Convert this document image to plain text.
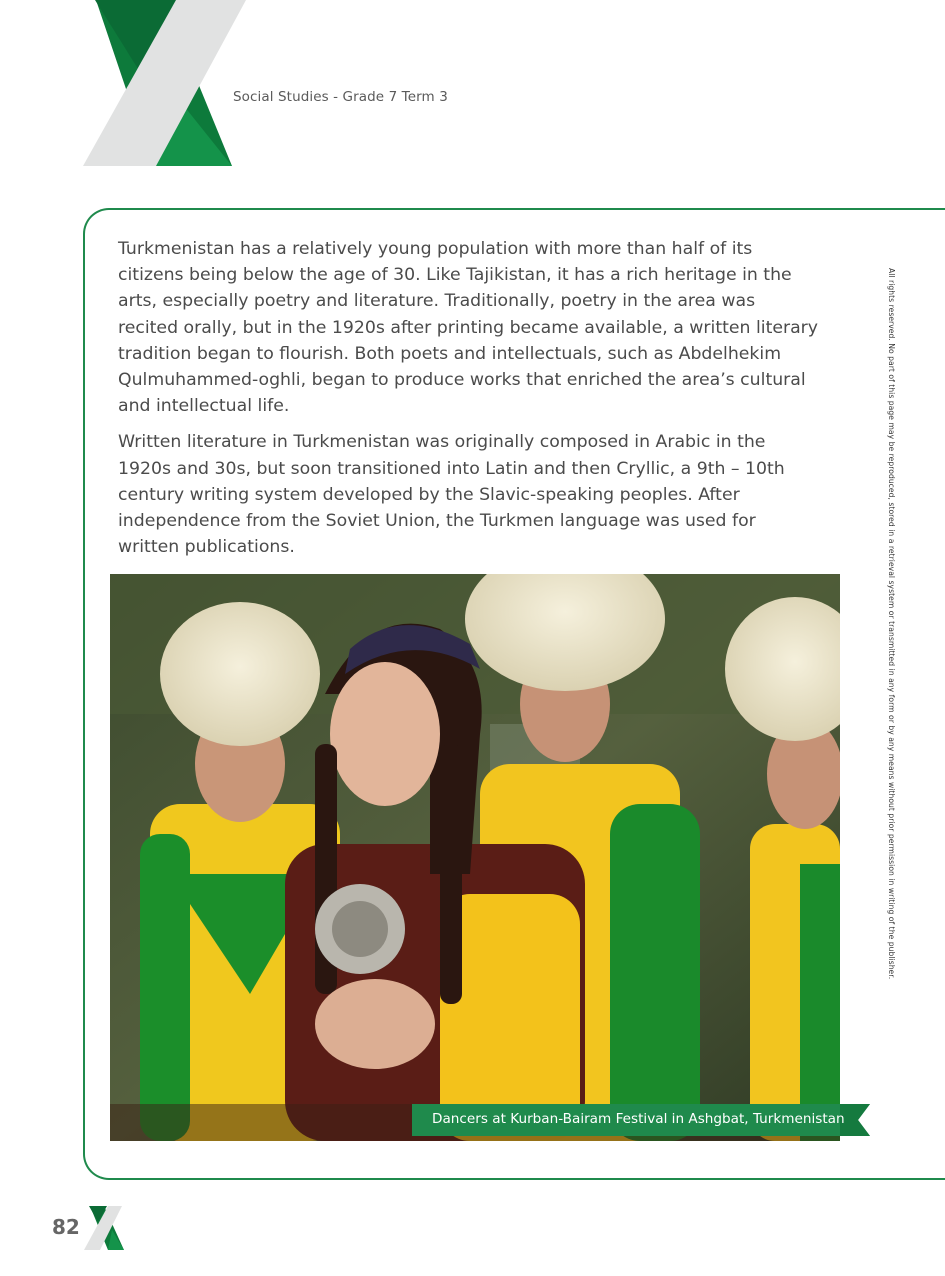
Social Studies - Grade 7 Term 3

Turkmenistan has a relatively young population with more than half of its citizens being below the age of 30. Like Tajikistan, it has a rich heritage in the arts, especially poetry and literature. Traditionally, poetry in the area was recited orally, but in the 1920s after printing became available, a written literary tradition began to flourish. Both poets and intellectuals, such as Abdelhekim Qulmuhammed-oghli, began to produce works that enriched the area’s cultural and intellectual life.

Written literature in Turkmenistan was originally composed in Arabic in the 1920s and 30s, but soon transitioned into Latin and then Cryllic, a 9th – 10th century writing system developed by the Slavic-speaking peoples. After independence from the Soviet Union, the Turkmen language was used for written publications.	All rights reserved. No part of this page may be reproduced, stored in a retrieval system or transmitted in any form or by any means without prior permission in writing of the publisher.
Dancers at Kurban-Bairam Festival in Ashgbat, Turkmenistan
82
